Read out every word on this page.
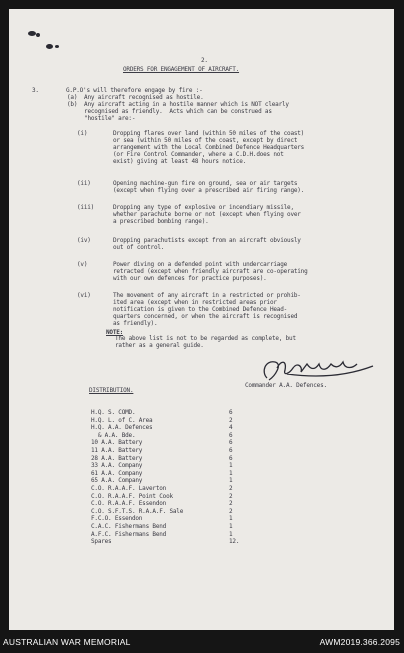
2.
ORDERS FOR ENGAGEMENT OF AIRCRAFT.
3.	G.P.O's will therefore engage by fire :-
(a)  Any aircraft recognised as hostile.
(b)  Any aircraft acting in a hostile manner which is NOT clearly
recognised as friendly.  Acts which can be construed as
"hostile" are:-
(i)	Dropping flares over land (within 50 miles of the coast)
or sea (within 50 miles of the coast, except by direct
arrangement with the Local Combined Defence Headquarters
(or Fire Control Commander, where a C.D.H.does not
exist) giving at least 48 hours notice.
(ii)	Opening machine-gun fire on ground, sea or air targets
(except when flying over a prescribed air firing range).
(iii)	Dropping any type of explosive or incendiary missile,
whether parachute borne or not (except when flying over
a prescribed bombing range).
(iv)	Dropping parachutists except from an aircraft obviously
out of control.
(v)	Power diving on a defended point with undercarriage
retracted (except when friendly aircraft are co-operating
with our own defences for practice purposes).
(vi)	The movement of any aircraft in a restricted or prohib-
ited area (except when in restricted areas prior
notification is given to the Combined Defence Head-
quarters concerned, or when the aircraft is recognised
as friendly).
NOTE:
The above list is not to be regarded as complete, but
rather as a general guide.
Commander A.A. Defences.
DISTRIBUTION.
H.Q. S. COMD.	6
H.Q. L. of C. Area	2
H.Q. A.A. Defences	4
& A.A. Bde.	6
10 A.A. Battery	6
11 A.A. Battery	6
28 A.A. Battery	6
33 A.A. Company	1
61 A.A. Company	1
65 A.A. Company	1
C.O. R.A.A.F. Laverton	2
C.O. R.A.A.F. Point Cook	2
C.O. R.A.A.F. Essendon	2
C.O. S.F.T.S. R.A.A.F. Sale	2
F.C.O. Essendon	1
C.A.C. Fishermans Bend	1
A.F.C. Fishermans Bend	1
Spares	12.
AUSTRALIAN WAR MEMORIAL	AWM2019.366.2095
